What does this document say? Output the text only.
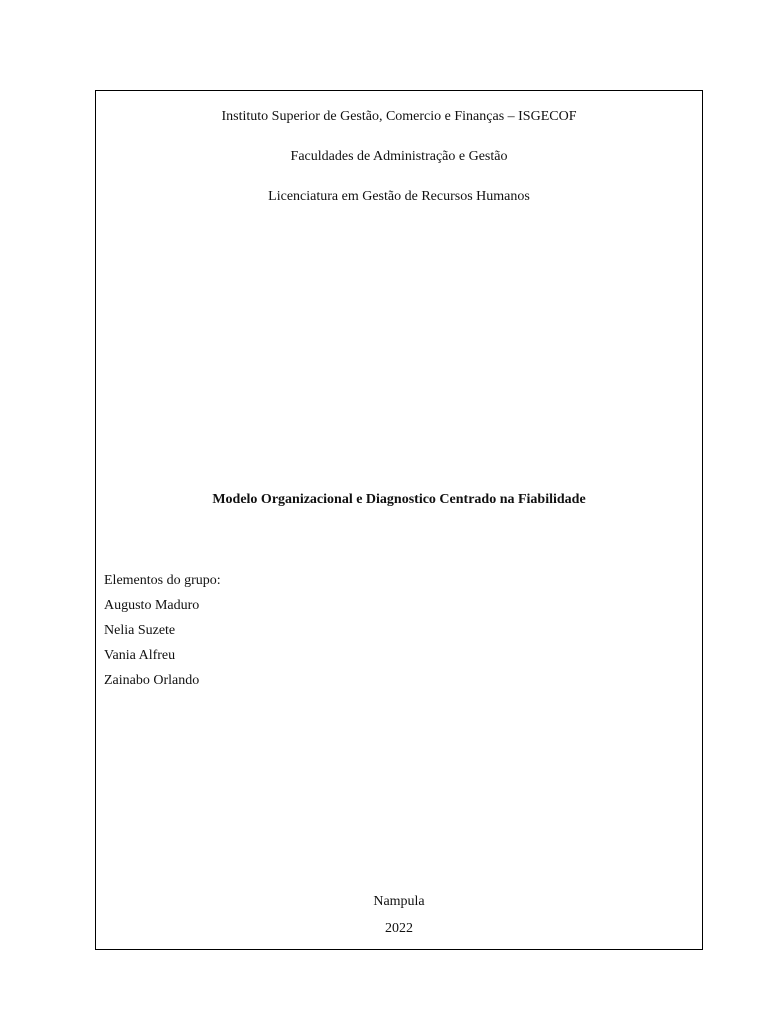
Instituto Superior de Gestão, Comercio e Finanças – ISGECOF
Faculdades de Administração e Gestão
Licenciatura em Gestão de Recursos Humanos
Modelo Organizacional e Diagnostico Centrado na Fiabilidade
Elementos do grupo:
Augusto Maduro
Nelia Suzete
Vania Alfreu
Zainabo Orlando
Nampula
2022
